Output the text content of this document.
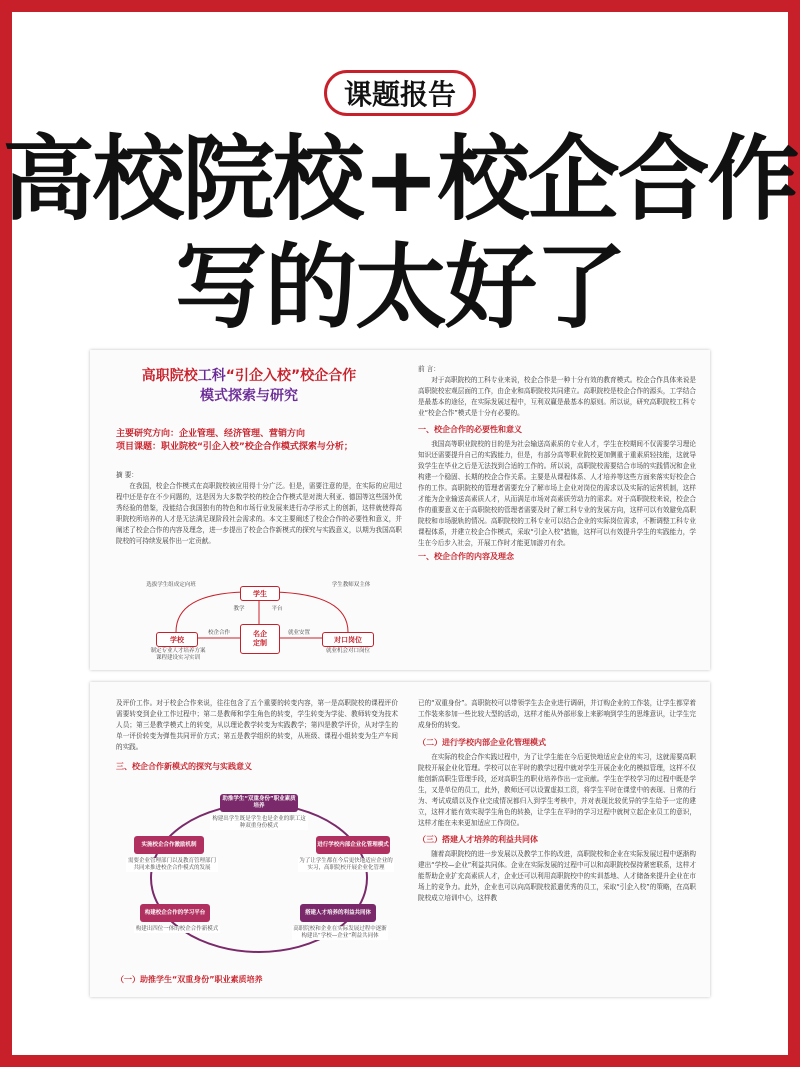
课题报告
高校院校+校企合作
写的太好了
高职院校工科“引企入校”校企合作
模式探索与研究
主要研究方向：企业管理、经济管理、营销方向
项目课题：职业院校“引企入校”校企合作模式探索与分析；
摘 要：
在我国，校企合作模式在高职院校被应用得十分广泛。但是，需要注意的是，在实际的应用过程中还是存在不少问题的，这是因为大多数学校的校企合作模式是对澳大利亚、德国等这些国外优秀经验的借鉴，没能结合我国独有的特色和市场行业发展来进行办学形式上的创新，这样就使得高职院校所培养的人才是无法满足现阶段社会需求的。本文主要阐述了校企合作的必要性和意义，并阐述了校企合作的内容及理念，进一步提出了校企合作新模式的探究与实践意义，以期为我国高职院校的可持续发展作出一定贡献。
选拔学生组成定向班	学生教师双主体
学生
教学	平台
学校
名企
定制
校企合作	就业安置
对口岗位
制定专业人才培养方案课程建设实习实训
就业机会对口岗位
前 言：
对于高职院校的工科专业来说，校企合作是一种十分有效的教育模式。校企合作具体来说是高职院校宏观层面的工作，由企业和高职院校共同建立。高职院校是校企合作的源头，工学结合是最基本的途径，在实际发展过程中，互利双赢是最基本的原则。所以说，研究高职院校工科专业“校企合作”模式是十分有必要的。
一、校企合作的必要性和意义
我国高等职业院校的目的是为社会输送高素质的专业人才，学生在校期间不仅需要学习理论知识还需要提升自己的实践能力，但是，有部分高等职业院校更加侧重于重素质轻技能，这就导致学生在毕业之后是无法找到合适的工作的。所以说，高职院校需要结合市场的实践情况和企业构建一个稳固、长期的校企合作关系。主要是从课程体系、人才培养等这些方面来落实好校企合作的工作。高职院校的管理者需要充分了解市场上企业对岗位的需求以及实际的运营机制，这样才能为企业输送高素质人才，从而满足市场对高素质劳动力的需求。对于高职院校来说，校企合作的重要意义在于高职院校的管理者需要及时了解工科专业的发展方向，这样可以有效避免高职院校和市场脱轨的情况。高职院校的工科专业可以结合企业的实际岗位需求，不断调整工科专业课程体系，并建立校企合作模式，采取“引企入校”措施，这样可以有效提升学生的实践能力，学生在今后步入社会，开展工作时才能更加游刃有余。
一、校企合作的内容及理念
及评价工作。对于校企合作来说，往往包含了五个重要的转变内容，第一是高职院校的课程评价需要转变到企业工作过程中；第二是教师和学生角色的转变，学生转变为学徒、教师转变为技术人员；第三是教学模式上的转变，从以理论教学转变为实践教学；第四是教学评价，从对学生的单一评价转变为弹性共同评价方式；第五是教学组织的转变，从班级、课程小组转变为生产车间的实践。
三、校企合作新模式的探究与实践意义
助推学生“双重身份”职业素质培养
构建出学生既是学生也是企业的职工这种双重身份模式
进行学校内部企业化管理模式
为了让学生都在今后更快地适应企业的实习，高职院校开展企业化管理
搭建人才培养的利益共同体
高职院校和企业在实际发展过程中逐渐构建出“学校—企业”利益共同体
构建校企合作的学习平台
构建出四位一体的校企合作新模式
实施校企合作激励机制
需要企业管理部门以及教育管理部门共同来推进校企合作模式的发展
（一）助推学生“双重身份”职业素质培养
已的“双重身份”。高职院校可以带领学生去企业进行调研，并订购企业的工作装，让学生都穿着工作装来参加一些比较大型的活动，这样才能从外部形象上来影响到学生的思维意识，让学生完成身份的转变。
（二）进行学校内部企业化管理模式
在实际的校企合作实践过程中，为了让学生能在今后更快地适应企业的实习，这就需要高职院校开展企业化管理。学校可以在平时的教学过程中就对学生开展企业化的模拟管理，这样不仅能创新高职生管理手段，还对高职生的职业培养作出一定贡献。学生在学校学习的过程中既是学生，又是单位的员工，此外，教师还可以设置虚拟工资，将学生平时在课堂中的表现、日常的行为、考试成绩以及作业完成情况都归入到学生考核中，并对表现比较优异的学生给予一定的建立，这样才能有效实现学生角色的转换，让学生在平时的学习过程中就树立起企业员工的意识，这样才能在未来更加适应工作岗位。
（三）搭建人才培养的利益共同体
随着高职院校的进一步发展以及教学工作的改进，高职院校和企业在实际发展过程中逐渐构建出“学校—企业”利益共同体。企业在实际发展的过程中可以和高职院校保持紧密联系，这样才能帮助企业扩充高素质人才，企业还可以利用高职院校中的实训基地、人才储备来提升企业在市场上的竞争力。此外，企业也可以向高职院校派遣优秀的员工，采取“引企入校”的策略，在高职院校成立培训中心，这样教
